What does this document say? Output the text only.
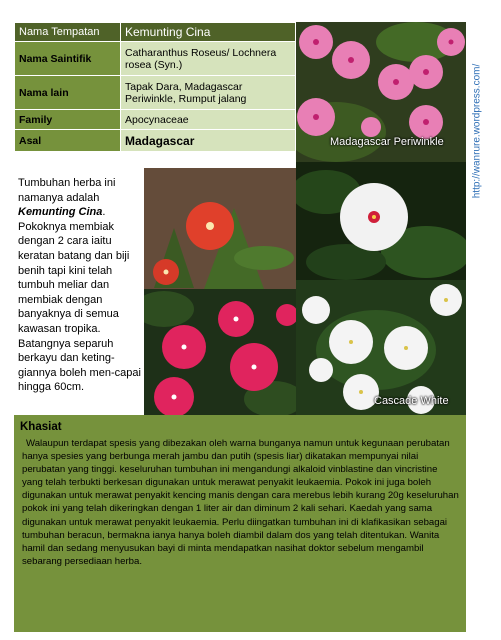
Nama Tempatan	Kemunting Cina
Nama Saintifik	Catharanthus Roseus/ Lochnera rosea (Syn.)
Nama lain	Tapak Dara, Madagascar Periwinkle, Rumput jalang
Family	Apocynaceae
Asal	Madagascar
Tumbuhan herba ini namanya adalah Kemunting Cina. Pokoknya membiak dengan 2 cara iaitu keratan batang dan biji benih tapi kini telah tumbuh meliar dan membiak dengan banyaknya di semua kawasan tropika. Batangnya separuh berkayu dan keting-giannya boleh men-capai hingga 60cm.
Madagascar Periwinkle
Cascade White
Khasiat

Walaupun terdapat spesis yang dibezakan oleh warna bunganya namun untuk kegunaan perubatan hanya spesies yang berbunga merah jambu dan putih (spesis liar) dikatakan mempunyai nilai perubatan yang tinggi. keseluruhan tumbuhan ini mengandungi alkaloid vinblastine dan vincristine yang telah terbukti berkesan digunakan untuk merawat penyakit leukaemia. Pokok ini juga boleh digunakan untuk merawat penyakit kencing manis dengan cara merebus lebih kurang 20g keseluruhan pokok ini yang telah dikeringkan dengan 1 liter air dan diminum 2 kali sehari. Kaedah yang sama digunakan untuk merawat penyakit leukaemia. Perlu diingatkan tumbuhan ini di klafikasikan sebagai tumbuhan beracun, bermakna ianya hanya boleh diambil dalam dos yang telah ditentukan. Wanita hamil dan sedang menyusukan bayi di minta mendapatkan nasihat doktor sebelum mengambil sebarang persediaan herba.

http://wanrure.wordpress.com/
